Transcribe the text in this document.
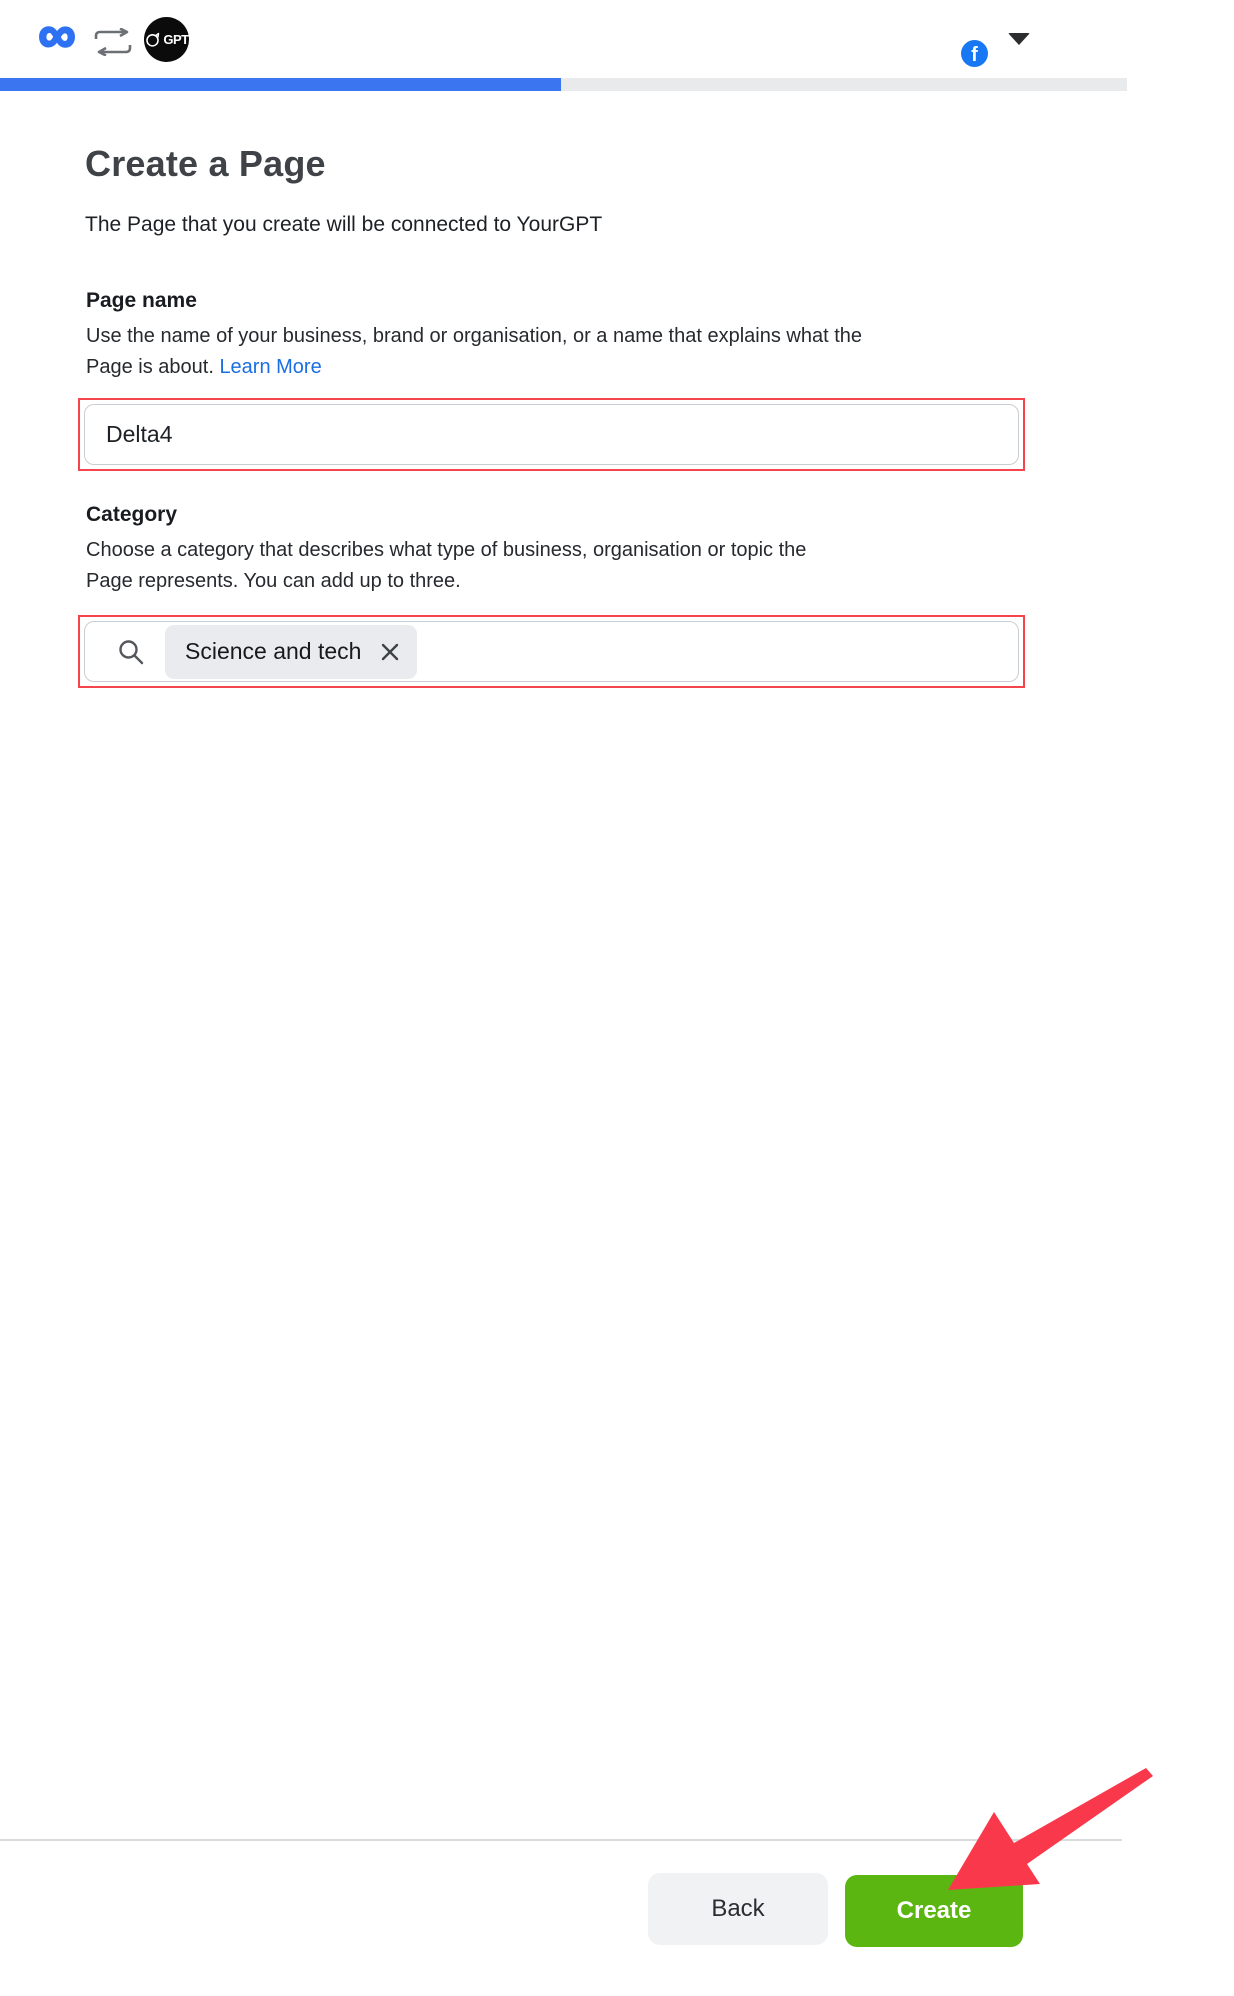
∞	GPT
f
Create a Page
The Page that you create will be connected to YourGPT
Page name
Use the name of your business, brand or organisation, or a name that explains what the
Page is about. Learn More
Delta4
Category
Choose a category that describes what type of business, organisation or topic the
Page represents. You can add up to three.
Science and tech
Back	Create
